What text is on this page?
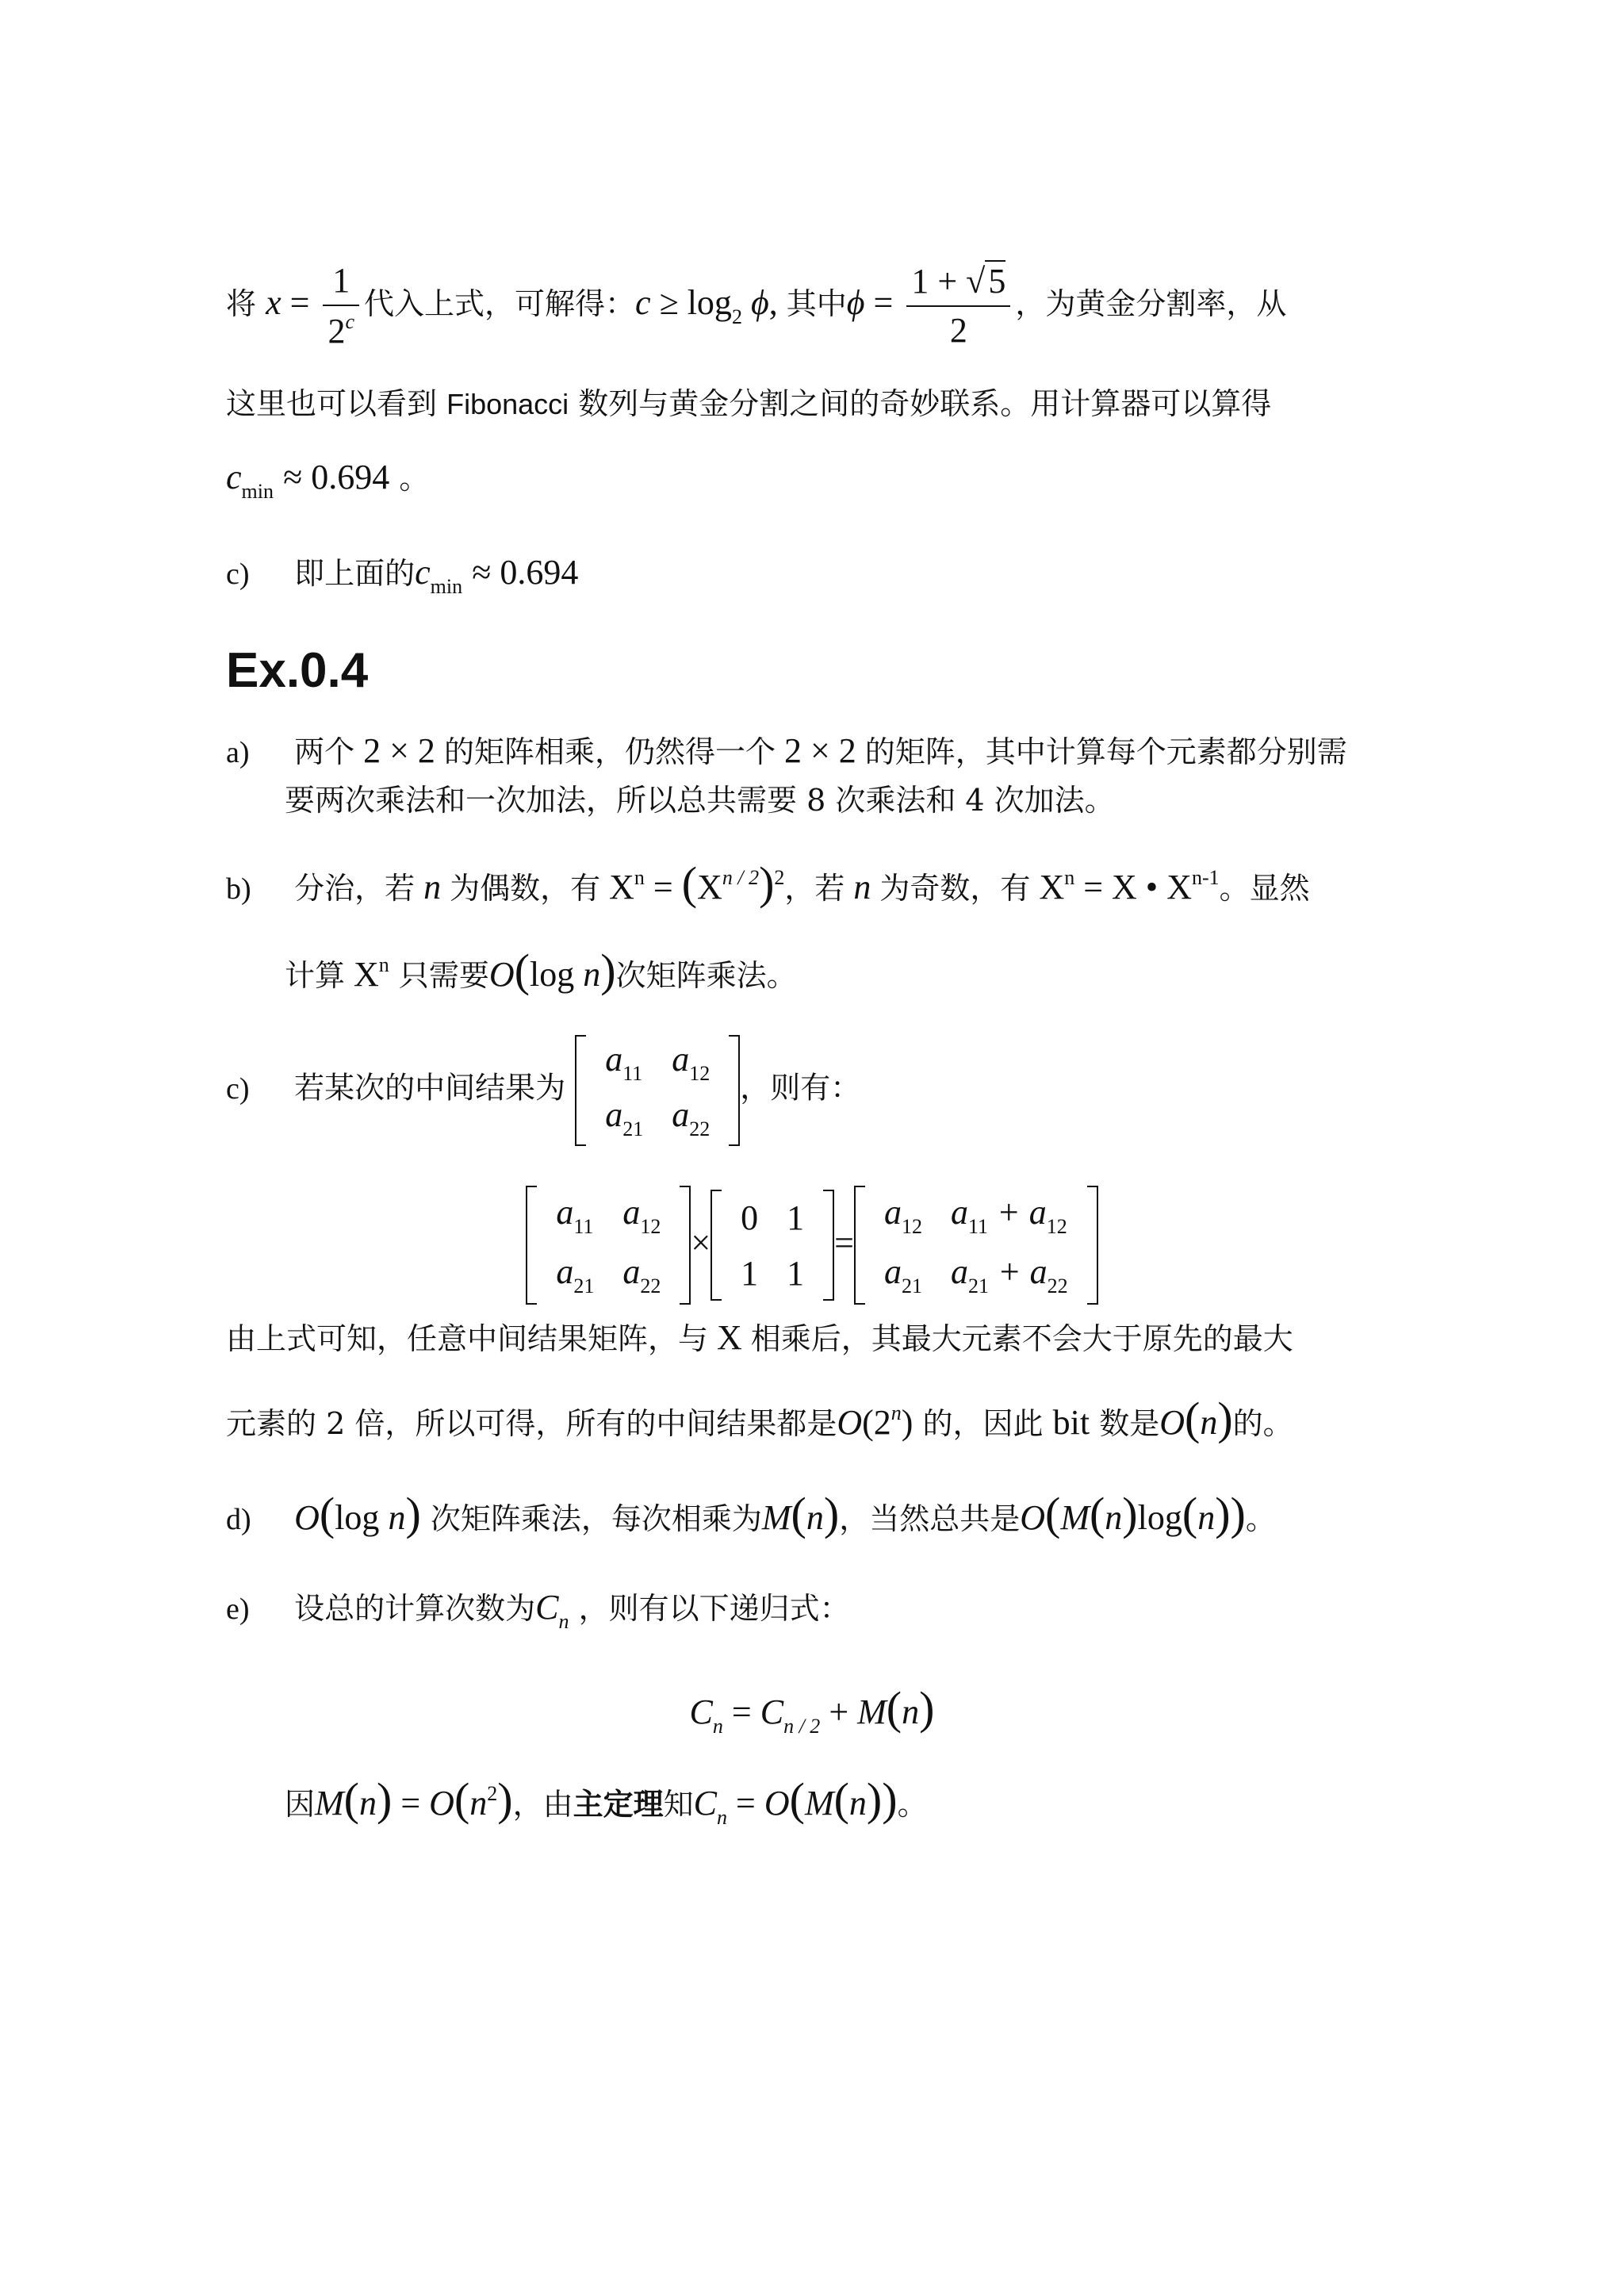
将 $x = \frac{1}{2^c}$ 代入上式，可解得：$c \ge \log_2 \phi$, 其中$\phi = \frac{1 + √5}{2}$ ，为黄金分割率，从
这里也可以看到 Fibonacci 数列与黄金分割之间的奇妙联系。用计算器可以算得
$c_{min} \approx 0.694$ 。
c) 即上面的$c_{min} \approx 0.694$
Ex.0.4
a) 两个 2 × 2 的矩阵相乘，仍然得一个 2 × 2 的矩阵，其中计算每个元素都分别需
要两次乘法和一次加法，所以总共需要 8 次乘法和 4 次加法。
b) 分治，若 n 为偶数，有 $X^n = (X^{n / 2})^2$，若 n 为奇数，有 $X^n = X$ • $X^{n-1}$。显然
计算 $X^n$ 只需要O(log n)次矩阵乘法。
c) 若某次的中间结果为
$a_{11}$	$a_{12}$
$a_{21}$	$a_{22}$
，则有：
$a_{11}$	$a_{12}$
$a_{21}$	$a_{22}$
×
0	1
1	1
=
$a_{12}$	$a_{11} + a_{12}$
$a_{21}$	$a_{21} + a_{22}$
由上式可知，任意中间结果矩阵，与 X 相乘后，其最大元素不会大于原先的最大
元素的 2 倍，所以可得，所有的中间结果都是O(2$^n$) 的，因此 bit 数是O(n)的。
d) O(log n) 次矩阵乘法，每次相乘为M(n)，当然总共是O(M(n)log(n))。
e) 设总的计算次数为$C_n$ ，则有以下递归式：
$C_n = C_{n / 2} + M(n)$
因$M(n) = O(n^2)$，由主定理知$C_n = O(M(n))$。
